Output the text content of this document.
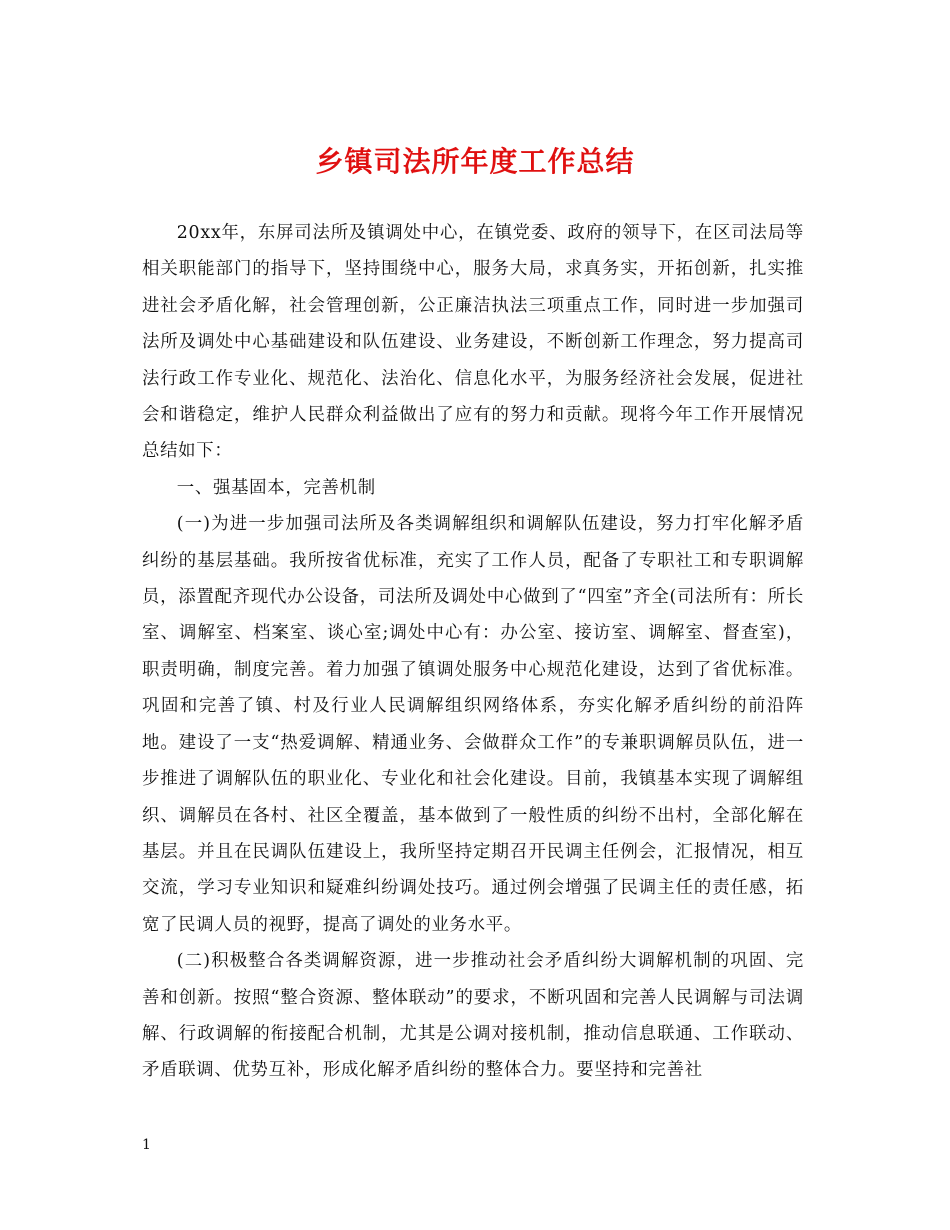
乡镇司法所年度工作总结

20xx年，东屏司法所及镇调处中心，在镇党委、政府的领导下，在区司法局等相关职能部门的指导下，坚持围绕中心，服务大局，求真务实，开拓创新，扎实推进社会矛盾化解，社会管理创新，公正廉洁执法三项重点工作，同时进一步加强司法所及调处中心基础建设和队伍建设、业务建设，不断创新工作理念，努力提高司法行政工作专业化、规范化、法治化、信息化水平，为服务经济社会发展，促进社会和谐稳定，维护人民群众利益做出了应有的努力和贡献。现将今年工作开展情况总结如下：

一、强基固本，完善机制

(一)为进一步加强司法所及各类调解组织和调解队伍建设，努力打牢化解矛盾纠纷的基层基础。我所按省优标准，充实了工作人员，配备了专职社工和专职调解员，添置配齐现代办公设备，司法所及调处中心做到了“四室”齐全(司法所有：所长室、调解室、档案室、谈心室;调处中心有：办公室、接访室、调解室、督查室)，职责明确，制度完善。着力加强了镇调处服务中心规范化建设，达到了省优标准。巩固和完善了镇、村及行业人民调解组织网络体系，夯实化解矛盾纠纷的前沿阵地。建设了一支“热爱调解、精通业务、会做群众工作”的专兼职调解员队伍，进一步推进了调解队伍的职业化、专业化和社会化建设。目前，我镇基本实现了调解组织、调解员在各村、社区全覆盖，基本做到了一般性质的纠纷不出村，全部化解在基层。并且在民调队伍建设上，我所坚持定期召开民调主任例会，汇报情况，相互交流，学习专业知识和疑难纠纷调处技巧。通过例会增强了民调主任的责任感，拓宽了民调人员的视野，提高了调处的业务水平。

(二)积极整合各类调解资源，进一步推动社会矛盾纠纷大调解机制的巩固、完善和创新。按照“整合资源、整体联动”的要求，不断巩固和完善人民调解与司法调解、行政调解的衔接配合机制，尤其是公调对接机制，推动信息联通、工作联动、矛盾联调、优势互补，形成化解矛盾纠纷的整体合力。要坚持和完善社

1
